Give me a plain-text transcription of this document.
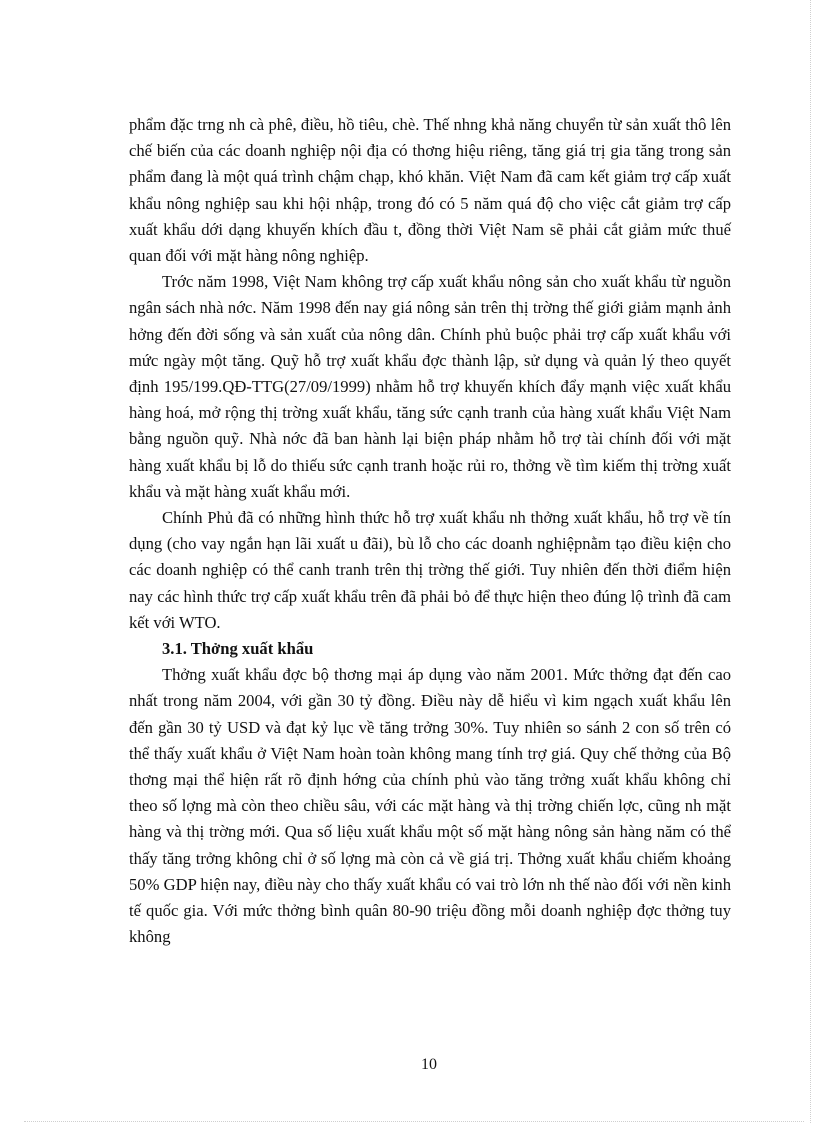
phẩm đặc trng nh cà phê, điều, hồ tiêu, chè. Thế nhng khả năng chuyển từ sản xuất thô lên chế biến của các doanh nghiệp nội địa có thơng hiệu riêng, tăng giá trị gia tăng trong sản phẩm đang là một quá trình chậm chạp, khó khăn. Việt Nam đã cam kết giảm trợ cấp xuất khẩu nông nghiệp sau khi hội nhập, trong đó có 5 năm quá độ cho việc cắt giảm trợ cấp xuất khẩu dới dạng khuyến khích đầu t, đồng thời Việt Nam sẽ phải cắt giảm mức thuế quan đối với mặt hàng nông nghiệp.

Trớc năm 1998, Việt Nam không trợ cấp xuất khẩu nông sản cho xuất khẩu từ nguồn ngân sách nhà nớc. Năm 1998 đến nay giá nông sản trên thị trờng thế giới giảm mạnh ảnh hởng đến đời sống và sản xuất của nông dân. Chính phủ buộc phải trợ cấp xuất khẩu với mức ngày một tăng. Quỹ hỗ trợ xuất khẩu đợc thành lập, sử dụng và quản lý theo quyết định 195/199.QĐ-TTG(27/09/1999) nhằm hỗ trợ khuyến khích đẩy mạnh việc xuất khẩu hàng hoá, mở rộng thị trờng xuất khẩu, tăng sức cạnh tranh của hàng xuất khẩu Việt Nam bằng nguồn quỹ. Nhà nớc đã ban hành lại biện pháp nhằm hỗ trợ tài chính đối với mặt hàng xuất khẩu bị lỗ do thiếu sức cạnh tranh hoặc rủi ro, thởng về tìm kiếm thị trờng xuất khẩu và mặt hàng xuất khẩu mới.

Chính Phủ đã có những hình thức hỗ trợ xuất khẩu nh thởng xuất khẩu, hỗ trợ về tín dụng (cho vay ngắn hạn lãi xuất u đãi), bù lỗ cho các doanh nghiệpnằm tạo điều kiện cho các doanh nghiệp có thể canh tranh trên thị trờng thế giới. Tuy nhiên đến thời điểm hiện nay các hình thức trợ cấp xuất khẩu trên đã phải bỏ để thực hiện theo đúng lộ trình đã cam kết với WTO.

3.1. Thởng xuất khẩu

Thởng xuất khẩu đợc bộ thơng mại áp dụng vào năm 2001. Mức thởng đạt đến cao nhất trong năm 2004, với gần 30 tỷ đồng. Điều này dễ hiểu vì kim ngạch xuất khẩu lên đến gần 30 tỷ USD và đạt kỷ lục về tăng trởng 30%. Tuy nhiên so sánh 2 con số trên có thể thấy xuất khẩu ở Việt Nam hoàn toàn không mang tính trợ giá. Quy chế thởng của Bộ thơng mại thể hiện rất rõ định hớng của chính phủ vào tăng trởng xuất khẩu không chỉ theo số lợng mà còn theo chiều sâu, với các mặt hàng và thị trờng chiến lợc, cũng nh mặt hàng và thị trờng mới. Qua số liệu xuất khẩu một số mặt hàng nông sản hàng năm có thể thấy tăng trởng không chỉ ở số lợng mà còn cả về giá trị. Thởng xuất khẩu chiếm khoảng 50% GDP hiện nay, điều này cho thấy xuất khẩu có vai trò lớn nh thế nào đối với nền kinh tế quốc gia. Với mức thởng bình quân 80-90 triệu đồng mỗi doanh nghiệp đợc thởng tuy không

10
